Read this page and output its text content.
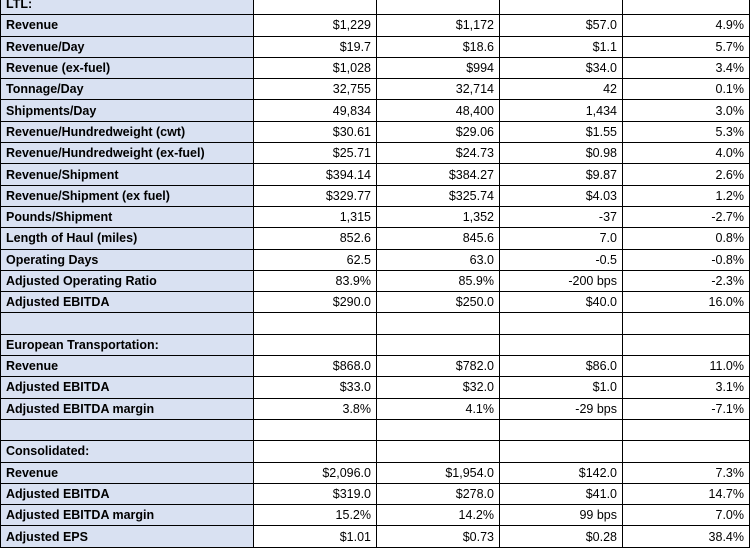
LTL:				
Revenue	$1,229	$1,172	$57.0	4.9%
Revenue/Day	$19.7	$18.6	$1.1	5.7%
Revenue (ex-fuel)	$1,028	$994	$34.0	3.4%
Tonnage/Day	32,755	32,714	42	0.1%
Shipments/Day	49,834	48,400	1,434	3.0%
Revenue/Hundredweight (cwt)	$30.61	$29.06	$1.55	5.3%
Revenue/Hundredweight (ex-fuel)	$25.71	$24.73	$0.98	4.0%
Revenue/Shipment	$394.14	$384.27	$9.87	2.6%
Revenue/Shipment (ex fuel)	$329.77	$325.74	$4.03	1.2%
Pounds/Shipment	1,315	1,352	-37	-2.7%
Length of Haul (miles)	852.6	845.6	7.0	0.8%
Operating Days	62.5	63.0	-0.5	-0.8%
Adjusted Operating Ratio	83.9%	85.9%	-200 bps	-2.3%
Adjusted EBITDA	$290.0	$250.0	$40.0	16.0%

European Transportation:				
Revenue	$868.0	$782.0	$86.0	11.0%
Adjusted EBITDA	$33.0	$32.0	$1.0	3.1%
Adjusted EBITDA margin	3.8%	4.1%	-29 bps	-7.1%

Consolidated:				
Revenue	$2,096.0	$1,954.0	$142.0	7.3%
Adjusted EBITDA	$319.0	$278.0	$41.0	14.7%
Adjusted EBITDA margin	15.2%	14.2%	99 bps	7.0%
Adjusted EPS	$1.01	$0.73	$0.28	38.4%
